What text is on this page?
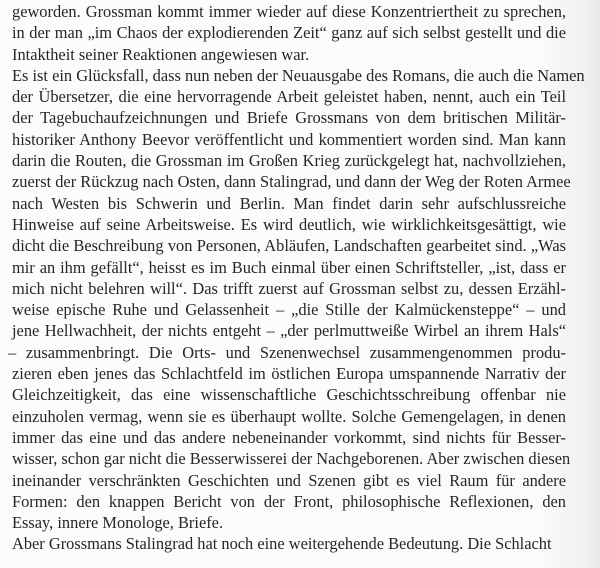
geworden. Grossman kommt immer wieder auf diese Konzentriertheit zu sprechen,
in der man „im Chaos der explodierenden Zeit“ ganz auf sich selbst gestellt und die
Intaktheit seiner Reaktionen angewiesen war.
Es ist ein Glücksfall, dass nun neben der Neuausgabe des Romans, die auch die Namen
der Übersetzer, die eine hervorragende Arbeit geleistet haben, nennt, auch ein Teil
der Tagebuchaufzeichnungen und Briefe Grossmans von dem britischen Militär-
historiker Anthony Beevor veröffentlicht und kommentiert worden sind. Man kann
darin die Routen, die Grossman im Großen Krieg zurückgelegt hat, nachvollziehen,
zuerst der Rückzug nach Osten, dann Stalingrad, und dann der Weg der Roten Armee
nach Westen bis Schwerin und Berlin. Man findet darin sehr aufschlussreiche
Hinweise auf seine Arbeitsweise. Es wird deutlich, wie wirklichkeitsgesättigt, wie
dicht die Beschreibung von Personen, Abläufen, Landschaften gearbeitet sind. „Was
mir an ihm gefällt“, heisst es im Buch einmal über einen Schriftsteller, „ist, dass er
mich nicht belehren will“. Das trifft zuerst auf Grossman selbst zu, dessen Erzähl-
weise epische Ruhe und Gelassenheit – „die Stille der Kalmückensteppe“ – und
jene Hellwachheit, der nichts entgeht – „der perlmuttweiße Wirbel an ihrem Hals“
– zusammenbringt. Die Orts- und Szenenwechsel zusammengenommen produ-
zieren eben jenes das Schlachtfeld im östlichen Europa umspannende Narrativ der
Gleichzeitigkeit, das eine wissenschaftliche Geschichtsschreibung offenbar nie
einzuholen vermag, wenn sie es überhaupt wollte. Solche Gemengelagen, in denen
immer das eine und das andere nebeneinander vorkommt, sind nichts für Besser-
wisser, schon gar nicht die Besserwisserei der Nachgeborenen. Aber zwischen diesen
ineinander verschränkten Geschichten und Szenen gibt es viel Raum für andere
Formen: den knappen Bericht von der Front, philosophische Reflexionen, den
Essay, innere Monologe, Briefe.
Aber Grossmans Stalingrad hat noch eine weitergehende Bedeutung. Die Schlacht
